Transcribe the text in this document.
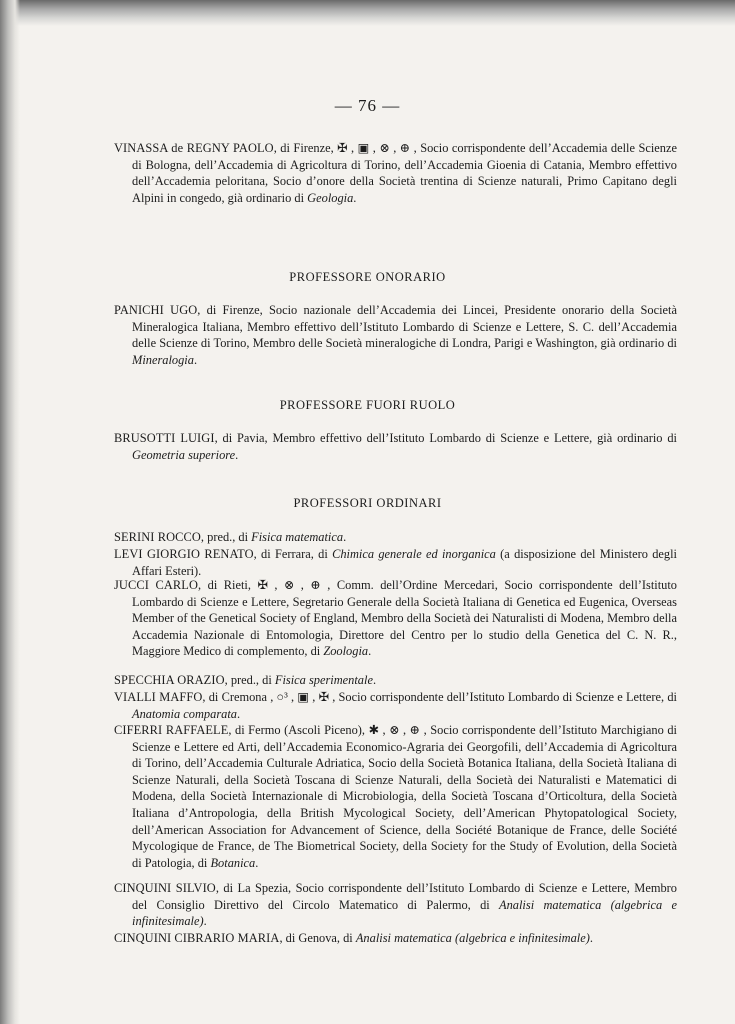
— 76 —

VINASSA de REGNY PAOLO, di Firenze, ✠ , ▣ , ⊗ , ⊕ , Socio corrispondente dell’Accademia delle Scienze di Bologna, dell’Accademia di Agricoltura di Torino, dell’Accademia Gioenia di Catania, Membro effettivo dell’Accademia peloritana, Socio d’onore della Società trentina di Scienze naturali, Primo Capitano degli Alpini in congedo, già ordinario di Geologia.

PROFESSORE ONORARIO

PANICHI UGO, di Firenze, Socio nazionale dell’Accademia dei Lincei, Presidente onorario della Società Mineralogica Italiana, Membro effettivo dell’Istituto Lombardo di Scienze e Lettere, S. C. dell’Accademia delle Scienze di Torino, Membro delle Società mineralogiche di Londra, Parigi e Washington, già ordinario di Mineralogia.

PROFESSORE FUORI RUOLO

BRUSOTTI LUIGI, di Pavia, Membro effettivo dell’Istituto Lombardo di Scienze e Lettere, già ordinario di Geometria superiore.

PROFESSORI ORDINARI

SERINI ROCCO, pred., di Fisica matematica.

LEVI GIORGIO RENATO, di Ferrara, di Chimica generale ed inorganica (a disposizione del Ministero degli Affari Esteri).

JUCCI CARLO, di Rieti, ✠ , ⊗ , ⊕ , Comm. dell’Ordine Mercedari, Socio corrispondente dell’Istituto Lombardo di Scienze e Lettere, Segretario Generale della Società Italiana di Genetica ed Eugenica, Overseas Member of the Genetical Society of England, Membro della Società dei Naturalisti di Modena, Membro della Accademia Nazionale di Entomologia, Direttore del Centro per lo studio della Genetica del C. N. R., Maggiore Medico di complemento, di Zoologia.

SPECCHIA ORAZIO, pred., di Fisica sperimentale.

VIALLI MAFFO, di Cremona , ○³ , ▣ , ✠ , Socio corrispondente dell’Istituto Lombardo di Scienze e Lettere, di Anatomia comparata.

CIFERRI RAFFAELE, di Fermo (Ascoli Piceno), ✱ , ⊗ , ⊕ , Socio corrispondente dell’Istituto Marchigiano di Scienze e Lettere ed Arti, dell’Accademia Economico-Agraria dei Georgofili, dell’Accademia di Agricoltura di Torino, dell’Accademia Culturale Adriatica, Socio della Società Botanica Italiana, della Società Italiana di Scienze Naturali, della Società Toscana di Scienze Naturali, della Società dei Naturalisti e Matematici di Modena, della Società Internazionale di Microbiologia, della Società Toscana d’Orticoltura, della Società Italiana d’Antropologia, della British Mycological Society, dell’American Phytopatological Society, dell’American Association for Advancement of Science, della Société Botanique de France, delle Société Mycologique de France, de The Biometrical Society, della Society for the Study of Evolution, della Società di Patologia, di Botanica.

CINQUINI SILVIO, di La Spezia, Socio corrispondente dell’Istituto Lombardo di Scienze e Lettere, Membro del Consiglio Direttivo del Circolo Matematico di Palermo, di Analisi matematica (algebrica e infinitesimale).

CINQUINI CIBRARIO MARIA, di Genova, di Analisi matematica (algebrica e infinitesimale).
